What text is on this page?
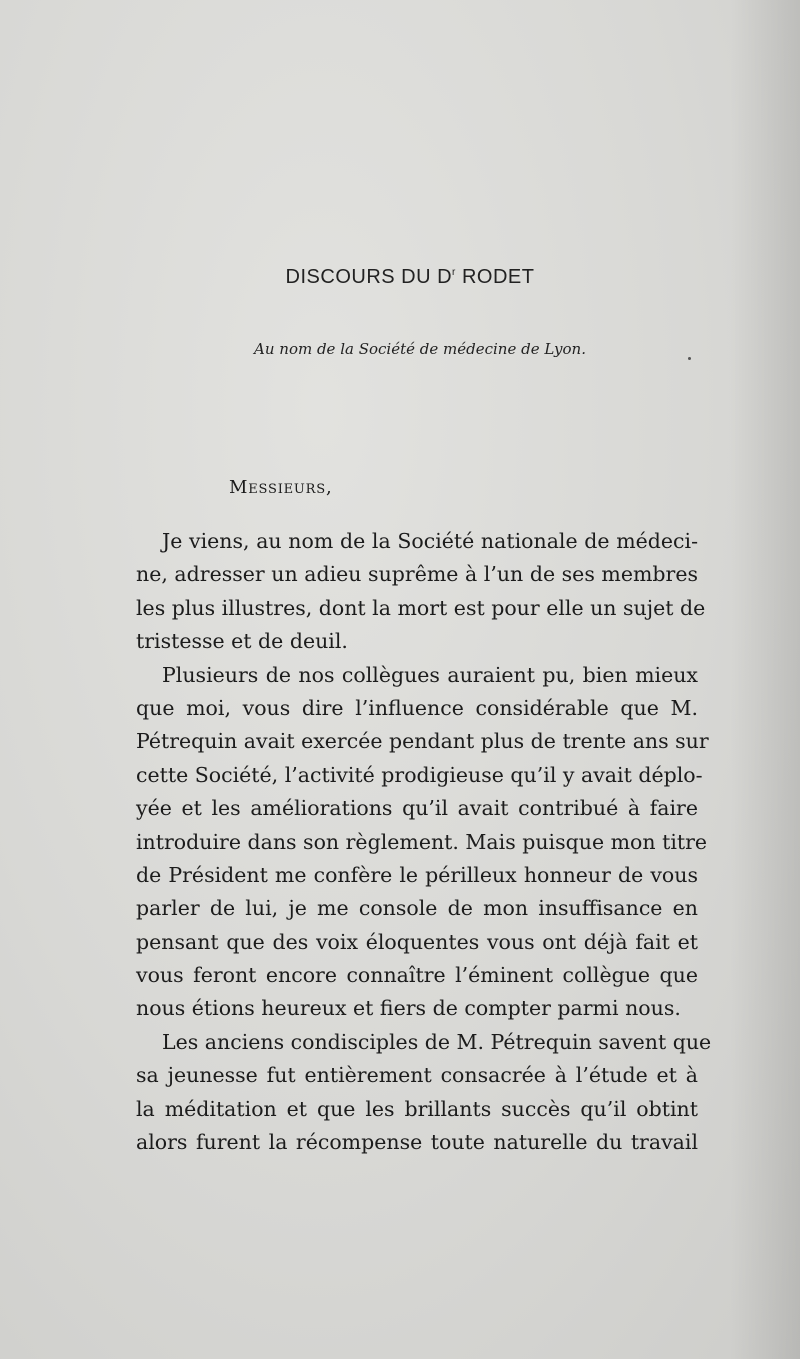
DISCOURS DU $D^r$ RODET
Au nom de la Société de médecine de Lyon.
Messieurs,
Je viens, au nom de la Société nationale de médeci-
ne, adresser un adieu suprême à l’un de ses membres
les plus illustres, dont la mort est pour elle un sujet de
tristesse et de deuil.
Plusieurs de nos collègues auraient pu, bien mieux
que moi, vous dire l’influence considérable que M.
Pétrequin avait exercée pendant plus de trente ans sur
cette Société, l’activité prodigieuse qu’il y avait déplo-
yée et les améliorations qu’il avait contribué à faire
introduire dans son règlement. Mais puisque mon titre
de Président me confère le périlleux honneur de vous
parler de lui, je me console de mon insuffisance en
pensant que des voix éloquentes vous ont déjà fait et
vous feront encore connaître l’éminent collègue que
nous étions heureux et fiers de compter parmi nous.
Les anciens condisciples de M. Pétrequin savent que
sa jeunesse fut entièrement consacrée à l’étude et à
la méditation et que les brillants succès qu’il obtint
alors furent la récompense toute naturelle du travail
